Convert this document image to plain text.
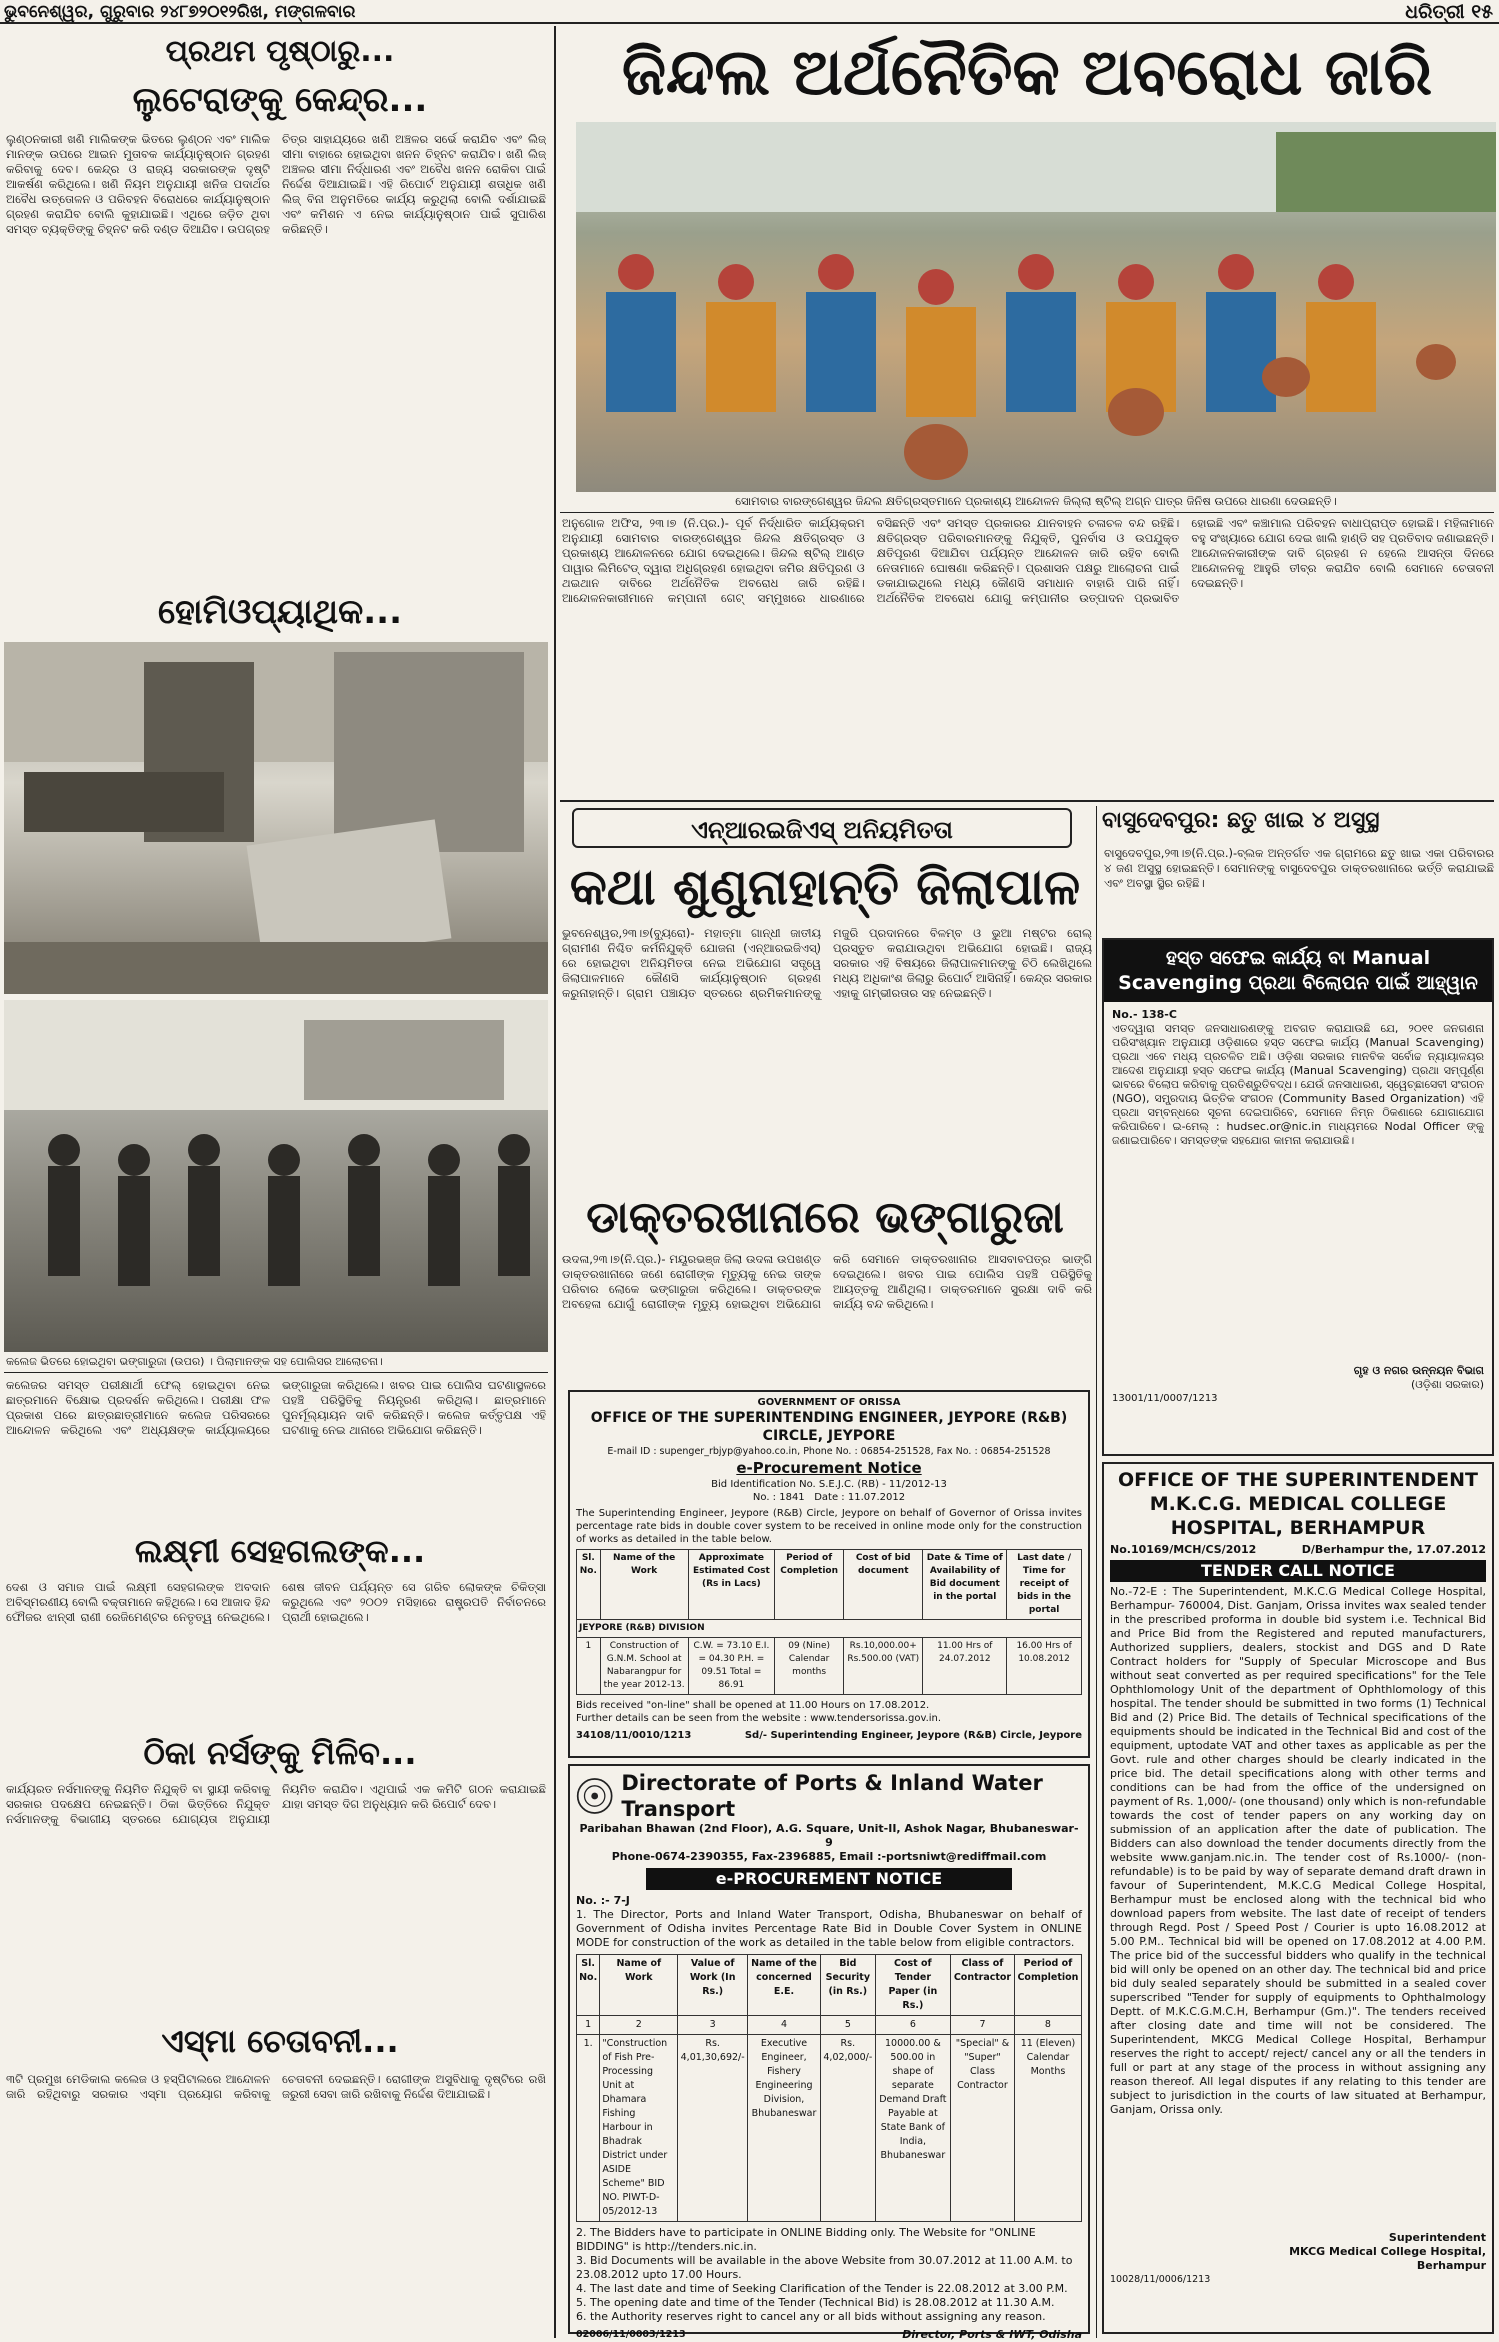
ଭୁବନେଶ୍ୱର, ଗୁରୁବାର ୨୪୮୭୨୦୧୨ରିଖ, ମଙ୍ଗଳବାର	ଧରିତ୍ରୀ ୧୫
ପ୍ରଥମ ପୃଷ୍ଠାରୁ...
ଲୁଟେରାଙ୍କୁ କେନ୍ଦ୍ର...
ଲୁଣ୍ଠନକାରୀ ଖଣି ମାଲିକଙ୍କ ଭିତରେ ଲୁଣ୍ଠନ ଏବଂ ମାଲିକ ମାନଙ୍କ ଉପରେ ଆଇନ ମୁତାବକ କାର୍ଯ୍ୟାନୁଷ୍ଠାନ ଗ୍ରହଣ କରିବାକୁ ଦେବ। କେନ୍ଦ୍ର ଓ ରାଜ୍ୟ ସରକାରଙ୍କ ଦୃଷ୍ଟି ଆକର୍ଷଣ କରିଥିଲେ। ଖଣି ନିୟମ ଅନୁଯାୟୀ ଖନିଜ ପଦାର୍ଥର ଅବୈଧ ଉତ୍ତୋଳନ ଓ ପରିବହନ ବିରୋଧରେ କାର୍ଯ୍ୟାନୁଷ୍ଠାନ ଗ୍ରହଣ କରାଯିବ ବୋଲି କୁହାଯାଇଛି। ଏଥିରେ ଜଡ଼ିତ ଥିବା ସମସ୍ତ ବ୍ୟକ୍ତିଙ୍କୁ ଚିହ୍ନଟ କରି ଦଣ୍ଡ ଦିଆଯିବ। ଉପଗ୍ରହ ଚିତ୍ର ସାହାଯ୍ୟରେ ଖଣି ଅଞ୍ଚଳର ସର୍ଭେ କରାଯିବ ଏବଂ ଲିଜ୍ ସୀମା ବାହାରେ ହୋଇଥିବା ଖନନ ଚିହ୍ନଟ କରାଯିବ। ଖଣି ଲିଜ୍ ଅଞ୍ଚଳର ସୀମା ନିର୍ଦ୍ଧାରଣ ଏବଂ ଅବୈଧ ଖନନ ରୋକିବା ପାଇଁ ନିର୍ଦ୍ଦେଶ ଦିଆଯାଇଛି। ଏହି ରିପୋର୍ଟ ଅନୁଯାୟୀ ଶତାଧିକ ଖଣି ଲିଜ୍ ବିନା ଅନୁମତିରେ କାର୍ଯ୍ୟ କରୁଥିଲା ବୋଲି ଦର୍ଶାଯାଇଛି ଏବଂ କମିଶନ ଏ ନେଇ କାର୍ଯ୍ୟାନୁଷ୍ଠାନ ପାଇଁ ସୁପାରିଶ କରିଛନ୍ତି।
ହୋମିଓପ୍ୟାଥିକ...
କଲେଜ ଭିତରେ ହୋଇଥିବା ଭଙ୍ଗାରୁଜା (ଉପର) । ପିଲାମାନଙ୍କ ସହ ପୋଲିସର ଆଲୋଚନା।
କଲେଜର ସମସ୍ତ ପରୀକ୍ଷାର୍ଥୀ ଫେଲ୍ ହୋଇଥିବା ନେଇ ଛାତ୍ରମାନେ ବିକ୍ଷୋଭ ପ୍ରଦର୍ଶନ କରିଥିଲେ। ପରୀକ୍ଷା ଫଳ ପ୍ରକାଶ ପରେ ଛାତ୍ରଛାତ୍ରୀମାନେ କଲେଜ ପରିସରରେ ଆନ୍ଦୋଳନ କରିଥିଲେ ଏବଂ ଅଧ୍ୟକ୍ଷଙ୍କ କାର୍ଯ୍ୟାଳୟରେ ଭଙ୍ଗାରୁଜା କରିଥିଲେ। ଖବର ପାଇ ପୋଲିସ ଘଟଣାସ୍ଥଳରେ ପହଞ୍ଚି ପରିସ୍ଥିତିକୁ ନିୟନ୍ତ୍ରଣ କରିଥିଲା। ଛାତ୍ରମାନେ ପୁନର୍ମୂଲ୍ୟାୟନ ଦାବି କରିଛନ୍ତି। କଲେଜ କର୍ତ୍ତୃପକ୍ଷ ଏହି ଘଟଣାକୁ ନେଇ ଥାନାରେ ଅଭିଯୋଗ କରିଛନ୍ତି।
ଲକ୍ଷ୍ମୀ ସେହଗଲଙ୍କ...
ଦେଶ ଓ ସମାଜ ପାଇଁ ଲକ୍ଷ୍ମୀ ସେହଗଲଙ୍କ ଅବଦାନ ଅବିସ୍ମରଣୀୟ ବୋଲି ବକ୍ତାମାନେ କହିଥିଲେ। ସେ ଆଜାଦ ହିନ୍ଦ ଫୌଜର ଝାନ୍ସୀ ରାଣୀ ରେଜିମେଣ୍ଟର ନେତୃତ୍ୱ ନେଇଥିଲେ। ଶେଷ ଜୀବନ ପର୍ଯ୍ୟନ୍ତ ସେ ଗରିବ ଲୋକଙ୍କ ଚିକିତ୍ସା କରୁଥିଲେ ଏବଂ ୨୦୦୨ ମସିହାରେ ରାଷ୍ଟ୍ରପତି ନିର୍ବାଚନରେ ପ୍ରାର୍ଥୀ ହୋଇଥିଲେ।
ଠିକା ନର୍ସଙ୍କୁ ମିଳିବ...
କାର୍ଯ୍ୟରତ ନର୍ସମାନଙ୍କୁ ନିୟମିତ ନିଯୁକ୍ତି ବା ସ୍ଥାୟୀ କରିବାକୁ ସରକାର ପଦକ୍ଷେପ ନେଇଛନ୍ତି। ଠିକା ଭିତ୍ତିରେ ନିଯୁକ୍ତ ନର୍ସମାନଙ୍କୁ ବିଭାଗୀୟ ସ୍ତରରେ ଯୋଗ୍ୟତା ଅନୁଯାୟୀ ନିୟମିତ କରାଯିବ। ଏଥିପାଇଁ ଏକ କମିଟି ଗଠନ କରାଯାଇଛି ଯାହା ସମସ୍ତ ଦିଗ ଅନୁଧ୍ୟାନ କରି ରିପୋର୍ଟ ଦେବ।
ଏସ୍ମା ଚେତାବନୀ...
୩ଟି ପ୍ରମୁଖ ମେଡିକାଲ କଲେଜ ଓ ହସ୍ପିଟାଲରେ ଆନ୍ଦୋଳନ ଜାରି ରହିଥିବାରୁ ସରକାର ଏସ୍ମା ପ୍ରୟୋଗ କରିବାକୁ ଚେତାବନୀ ଦେଇଛନ୍ତି। ରୋଗୀଙ୍କ ଅସୁବିଧାକୁ ଦୃଷ୍ଟିରେ ରଖି ଜରୁରୀ ସେବା ଜାରି ରଖିବାକୁ ନିର୍ଦ୍ଦେଶ ଦିଆଯାଇଛି।
ଜିନ୍ଦଲ ଅର୍ଥନୈତିକ ଅବରୋଧ ଜାରି
ସୋମବାର ବାରଙ୍ଗେଶ୍ୱର ଜିନ୍ଦଲ କ୍ଷତିଗ୍ରସ୍ତମାନେ ପ୍ରକାଶ୍ୟ ଆନ୍ଦୋଳନ ଜିଲ୍ଲା ଷ୍ଟିଲ୍ ଅଗ୍ନ ପାତ୍ର ଜିନିଷ ଉପରେ ଧାରଣା ଦେଉଛନ୍ତି।
ଅନୁଗୋଳ ଅଫିସ, ୨୩।୭ (ନି.ପ୍ର.)- ପୂର୍ବ ନିର୍ଦ୍ଧାରିତ କାର୍ଯ୍ୟକ୍ରମ ଅନୁଯାୟୀ ସୋମବାର ବାରଙ୍ଗେଶ୍ୱର ଜିନ୍ଦଲ କ୍ଷତିଗ୍ରସ୍ତ ଓ ପ୍ରକାଶ୍ୟ ଆନ୍ଦୋଳନରେ ଯୋଗ ଦେଇଥିଲେ। ଜିନ୍ଦଲ ଷ୍ଟିଲ୍ ଆଣ୍ଡ ପାୱାର ଲିମିଟେଡ୍ ଦ୍ୱାରା ଅଧିଗ୍ରହଣ ହୋଇଥିବା ଜମିର କ୍ଷତିପୂରଣ ଓ ଥଇଥାନ ଦାବିରେ ଅର୍ଥନୈତିକ ଅବରୋଧ ଜାରି ରହିଛି। ଆନ୍ଦୋଳନକାରୀମାନେ କମ୍ପାନୀ ଗେଟ୍ ସମ୍ମୁଖରେ ଧାରଣାରେ ବସିଛନ୍ତି ଏବଂ ସମସ୍ତ ପ୍ରକାରର ଯାନବାହନ ଚଳାଚଳ ବନ୍ଦ ରହିଛି। କ୍ଷତିଗ୍ରସ୍ତ ପରିବାରମାନଙ୍କୁ ନିଯୁକ୍ତି, ପୁନର୍ବାସ ଓ ଉପଯୁକ୍ତ କ୍ଷତିପୂରଣ ଦିଆଯିବା ପର୍ଯ୍ୟନ୍ତ ଆନ୍ଦୋଳନ ଜାରି ରହିବ ବୋଲି ନେତାମାନେ ଘୋଷଣା କରିଛନ୍ତି। ପ୍ରଶାସନ ପକ୍ଷରୁ ଆଲୋଚନା ପାଇଁ ଡକାଯାଇଥିଲେ ମଧ୍ୟ କୌଣସି ସମାଧାନ ବାହାରି ପାରି ନାହିଁ। ଅର୍ଥନୈତିକ ଅବରୋଧ ଯୋଗୁ କମ୍ପାନୀର ଉତ୍ପାଦନ ପ୍ରଭାବିତ ହୋଇଛି ଏବଂ କଞ୍ଚାମାଲ ପରିବହନ ବାଧାପ୍ରାପ୍ତ ହୋଇଛି। ମହିଳାମାନେ ବହୁ ସଂଖ୍ୟାରେ ଯୋଗ ଦେଇ ଖାଲି ହାଣ୍ଡି ସହ ପ୍ରତିବାଦ ଜଣାଇଛନ୍ତି। ଆନ୍ଦୋଳନକାରୀଙ୍କ ଦାବି ଗ୍ରହଣ ନ ହେଲେ ଆସନ୍ତା ଦିନରେ ଆନ୍ଦୋଳନକୁ ଆହୁରି ତୀବ୍ର କରାଯିବ ବୋଲି ସେମାନେ ଚେତାବନୀ ଦେଇଛନ୍ତି।
ଏନ୍ଆରଇଜିଏସ୍ ଅନିୟମିତତା
କଥା ଶୁଣୁନାହାନ୍ତି ଜିଲାପାଳ
ଭୁବନେଶ୍ୱର,୨୩।୭(ବ୍ୟୁରୋ)- ମହାତ୍ମା ଗାନ୍ଧୀ ଜାତୀୟ ଗ୍ରାମୀଣ ନିଶ୍ଚିତ କର୍ମନିଯୁକ୍ତି ଯୋଜନା (ଏନ୍ଆରଇଜିଏସ୍) ରେ ହୋଇଥିବା ଅନିୟମିତତା ନେଇ ଅଭିଯୋଗ ସତ୍ତ୍ୱେ ଜିଲାପାଳମାନେ କୌଣସି କାର୍ଯ୍ୟାନୁଷ୍ଠାନ ଗ୍ରହଣ କରୁନାହାନ୍ତି। ଗ୍ରାମ ପଞ୍ଚାୟତ ସ୍ତରରେ ଶ୍ରମିକମାନଙ୍କୁ ମଜୁରି ପ୍ରଦାନରେ ବିଳମ୍ବ ଓ ଭୁଆ ମଷ୍ଟର ରୋଲ୍ ପ୍ରସ୍ତୁତ କରାଯାଉଥିବା ଅଭିଯୋଗ ହୋଇଛି। ରାଜ୍ୟ ସରକାର ଏହି ବିଷୟରେ ଜିଲାପାଳମାନଙ୍କୁ ଚିଠି ଲେଖିଥିଲେ ମଧ୍ୟ ଅଧିକାଂଶ ଜିଲାରୁ ରିପୋର୍ଟ ଆସିନାହିଁ। କେନ୍ଦ୍ର ସରକାର ଏହାକୁ ଗମ୍ଭୀରତାର ସହ ନେଇଛନ୍ତି।
ଡାକ୍ତରଖାନାରେ ଭଙ୍ଗାରୁଜା
ଉଦଳା,୨୩।୭(ନି.ପ୍ର.)- ମୟୂରଭଞ୍ଜ ଜିଲା ଉଦଳା ଉପଖଣ୍ଡ ଡାକ୍ତରଖାନାରେ ଜଣେ ରୋଗୀଙ୍କ ମୃତ୍ୟୁକୁ ନେଇ ତାଙ୍କ ପରିବାର ଲୋକେ ଭଙ୍ଗାରୁଜା କରିଥିଲେ। ଡାକ୍ତରଙ୍କ ଅବହେଳା ଯୋଗୁଁ ରୋଗୀଙ୍କ ମୃତ୍ୟୁ ହୋଇଥିବା ଅଭିଯୋଗ କରି ସେମାନେ ଡାକ୍ତରଖାନାର ଆସବାବପତ୍ର ଭାଙ୍ଗି ଦେଇଥିଲେ। ଖବର ପାଇ ପୋଲିସ ପହଞ୍ଚି ପରିସ୍ଥିତିକୁ ଆୟତ୍ତକୁ ଆଣିଥିଲା। ଡାକ୍ତରମାନେ ସୁରକ୍ଷା ଦାବି କରି କାର୍ଯ୍ୟ ବନ୍ଦ କରିଥିଲେ।
ବାସୁଦେବପୁର: ଛତୁ ଖାଇ ୪ ଅସୁସ୍ଥ
ବାସୁଦେବପୁର,୨୩।୭(ନି.ପ୍ର.)-ବ୍ଲକ ଅନ୍ତର୍ଗତ ଏକ ଗ୍ରାମରେ ଛତୁ ଖାଇ ଏକା ପରିବାରର ୪ ଜଣ ଅସୁସ୍ଥ ହୋଇଛନ୍ତି। ସେମାନଙ୍କୁ ବାସୁଦେବପୁର ଡାକ୍ତରଖାନାରେ ଭର୍ତ୍ତି କରାଯାଇଛି ଏବଂ ଅବସ୍ଥା ସ୍ଥିର ରହିଛି।
ହସ୍ତ ସଫେଇ କାର୍ଯ୍ୟ ବା Manual Scavenging ପ୍ରଥା ବିଲୋପନ ପାଇଁ ଆହ୍ୱାନ
No.- 138-C
ଏତଦ୍ୱାରା ସମସ୍ତ ଜନସାଧାରଣଙ୍କୁ ଅବଗତ କରାଯାଉଛି ଯେ, ୨୦୧୧ ଜନଗଣନା ପରିସଂଖ୍ୟାନ ଅନୁଯାୟୀ ଓଡ଼ିଶାରେ ହସ୍ତ ସଫେଇ କାର୍ଯ୍ୟ (Manual Scavenging) ପ୍ରଥା ଏବେ ମଧ୍ୟ ପ୍ରଚଳିତ ଅଛି। ଓଡ଼ିଶା ସରକାର ମାନବିକ ସର୍ବୋଚ୍ଚ ନ୍ୟାୟାଳୟର ଆଦେଶ ଅନୁଯାୟୀ ହସ୍ତ ସଫେଇ କାର୍ଯ୍ୟ (Manual Scavenging) ପ୍ରଥା ସମ୍ପୂର୍ଣ୍ଣ ଭାବରେ ବିଲୋପ କରିବାକୁ ପ୍ରତିଶ୍ରୁତିବଦ୍ଧ। ଯେଉଁ ଜନସାଧାରଣ, ସ୍ୱେଚ୍ଛାସେବୀ ସଂଗଠନ (NGO), ସମ୍ପ୍ରଦାୟ ଭିତ୍ତିକ ସଂଗଠନ (Community Based Organization) ଏହି ପ୍ରଥା ସମ୍ବନ୍ଧରେ ସୂଚନା ଦେଇପାରିବେ, ସେମାନେ ନିମ୍ନ ଠିକଣାରେ ଯୋଗାଯୋଗ କରିପାରିବେ। ଇ-ମେଲ୍ : hudsec.or@nic.in ମାଧ୍ୟମରେ Nodal Officer ଙ୍କୁ ଜଣାଇପାରିବେ। ସମସ୍ତଙ୍କ ସହଯୋଗ କାମନା କରାଯାଉଛି।
ଗୃହ ଓ ନଗର ଉନ୍ନୟନ ବିଭାଗ
(ଓଡ଼ିଶା ସରକାର)
13001/11/0007/1213
GOVERNMENT OF ORISSA
OFFICE OF THE SUPERINTENDING ENGINEER, JEYPORE (R&B) CIRCLE, JEYPORE
E-mail ID : supenger_rbjyp@yahoo.co.in, Phone No. : 06854-251528, Fax No. : 06854-251528
e-Procurement Notice
Bid Identification No. S.E.J.C. (RB) - 11/2012-13
No. : 1841 Date : 11.07.2012
The Superintending Engineer, Jeypore (R&B) Circle, Jeypore on behalf of Governor of Orissa invites percentage rate bids in double cover system to be received in online mode only for the construction of works as detailed in the table below.
Sl. No.	Name of the Work	Approximate Estimated Cost (Rs in Lacs)	Period of Completion	Cost of bid document	Date & Time of Availability of Bid document in the portal	Last date / Time for receipt of bids in the portal
JEYPORE (R&B) DIVISION						
1	Construction of G.N.M. School at Nabarangpur for the year 2012-13.	C.W. = 73.10 E.I. = 04.30 P.H. = 09.51 Total = 86.91	09 (Nine) Calendar months	Rs.10,000.00+ Rs.500.00 (VAT)	11.00 Hrs of 24.07.2012	16.00 Hrs of 10.08.2012
Bids received "on-line" shall be opened at 11.00 Hours on 17.08.2012.
Further details can be seen from the website : www.tendersorissa.gov.in.
34108/11/0010/1213	Sd/- Superintending Engineer, Jeypore (R&B) Circle, Jeypore
Directorate of Ports & Inland Water Transport
Paribahan Bhawan (2nd Floor), A.G. Square, Unit-II, Ashok Nagar, Bhubaneswar-9
Phone-0674-2390355, Fax-2396885, Email :-portsniwt@rediffmail.com
e-PROCUREMENT NOTICE
No. :- 7-J
1. The Director, Ports and Inland Water Transport, Odisha, Bhubaneswar on behalf of Government of Odisha invites Percentage Rate Bid in Double Cover System in ONLINE MODE for construction of the work as detailed in the table below from eligible contractors.
Sl. No.	Name of Work	Value of Work (In Rs.)	Name of the concerned E.E.	Bid Security (in Rs.)	Cost of Tender Paper (in Rs.)	Class of Contractor	Period of Completion
1	2	3	4	5	6	7	8
1.	"Construction of Fish Pre-Processing Unit at Dhamara Fishing Harbour in Bhadrak District under ASIDE Scheme" BID NO. PIWT-D-05/2012-13	Rs. 4,01,30,692/-	Executive Engineer, Fishery Engineering Division, Bhubaneswar	Rs. 4,02,000/-	10000.00 & 500.00 in shape of separate Demand Draft Payable at State Bank of India, Bhubaneswar	"Special" & "Super" Class Contractor	11 (Eleven) Calendar Months
2. The Bidders have to participate in ONLINE Bidding only. The Website for "ONLINE BIDDING" is http://tenders.nic.in.
3. Bid Documents will be available in the above Website from 30.07.2012 at 11.00 A.M. to 23.08.2012 upto 17.00 Hours.
4. The last date and time of Seeking Clarification of the Tender is 22.08.2012 at 3.00 P.M.
5. The opening date and time of the Tender (Technical Bid) is 28.08.2012 at 11.30 A.M.
6. the Authority reserves right to cancel any or all bids without assigning any reason.
02006/11/0003/1213	Director, Ports & IWT, Odisha
OFFICE OF THE SUPERINTENDENT M.K.C.G. MEDICAL COLLEGE HOSPITAL, BERHAMPUR
No.10169/MCH/CS/2012	D/Berhampur the, 17.07.2012
TENDER CALL NOTICE
No.-72-E : The Superintendent, M.K.C.G Medical College Hospital, Berhampur- 760004, Dist. Ganjam, Orissa invites wax sealed tender in the prescribed proforma in double bid system i.e. Technical Bid and Price Bid from the Registered and reputed manufacturers, Authorized suppliers, dealers, stockist and DGS and D Rate Contract holders for "Supply of Specular Microscope and Bus without seat converted as per required specifications" for the Tele Ophthlomology Unit of the department of Ophthlomology of this hospital. The tender should be submitted in two forms (1) Technical Bid and (2) Price Bid. The details of Technical specifications of the equipments should be indicated in the Technical Bid and cost of the equipment, uptodate VAT and other taxes as applicable as per the Govt. rule and other charges should be clearly indicated in the price bid. The detail specifications along with other terms and conditions can be had from the office of the undersigned on payment of Rs. 1,000/- (one thousand) only which is non-refundable towards the cost of tender papers on any working day on submission of an application after the date of publication. The Bidders can also download the tender documents directly from the website www.ganjam.nic.in. The tender cost of Rs.1000/- (non-refundable) is to be paid by way of separate demand draft drawn in favour of Superintendent, M.K.C.G Medical College Hospital, Berhampur must be enclosed along with the technical bid who download papers from website. The last date of receipt of tenders through Regd. Post / Speed Post / Courier is upto 16.08.2012 at 5.00 P.M.. Technical bid will be opened on 17.08.2012 at 4.00 P.M. The price bid of the successful bidders who qualify in the technical bid will only be opened on an other day. The technical bid and price bid duly sealed separately should be submitted in a sealed cover superscribed "Tender for supply of equipments to Ophthalmology Deptt. of M.K.C.G.M.C.H, Berhampur (Gm.)". The tenders received after closing date and time will not be considered. The Superintendent, MKCG Medical College Hospital, Berhampur reserves the right to accept/ reject/ cancel any or all the tenders in full or part at any stage of the process in without assigning any reason thereof. All legal disputes if any relating to this tender are subject to jurisdiction in the courts of law situated at Berhampur, Ganjam, Orissa only.
Superintendent
MKCG Medical College Hospital,
Berhampur
10028/11/0006/1213
